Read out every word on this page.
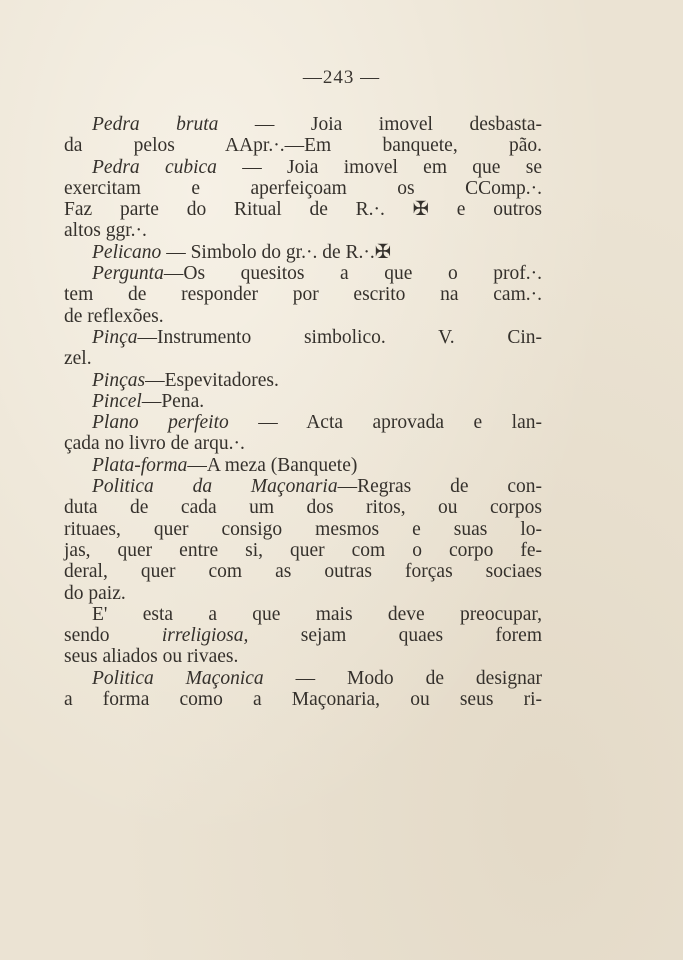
—243 —
Pedra bruta — Joia imovel desbasta-
da pelos AApr.·.—Em banquete, pão.
Pedra cubica — Joia imovel em que se
exercitam e aperfeiçoam os CComp.·.
Faz parte do Ritual de R.·. ✠ e outros
altos ggr.·.
Pelicano — Simbolo do gr.·. de R.·.✠
Pergunta—Os quesitos a que o prof.·.
tem de responder por escrito na cam.·.
de reflexões.
Pinça—Instrumento simbolico. V. Cin-
zel.
Pinças—Espevitadores.
Pincel—Pena.
Plano perfeito — Acta aprovada e lan-
çada no livro de arqu.·.
Plata-forma—A meza (Banquete)
Politica da Maçonaria—Regras de con-
duta de cada um dos ritos, ou corpos
rituaes, quer consigo mesmos e suas lo-
jas, quer entre si, quer com o corpo fe-
deral, quer com as outras forças sociaes
do paiz.
E' esta a que mais deve preocupar,
sendo irreligiosa, sejam quaes forem
seus aliados ou rivaes.
Politica Maçonica — Modo de designar
a forma como a Maçonaria, ou seus ri-
